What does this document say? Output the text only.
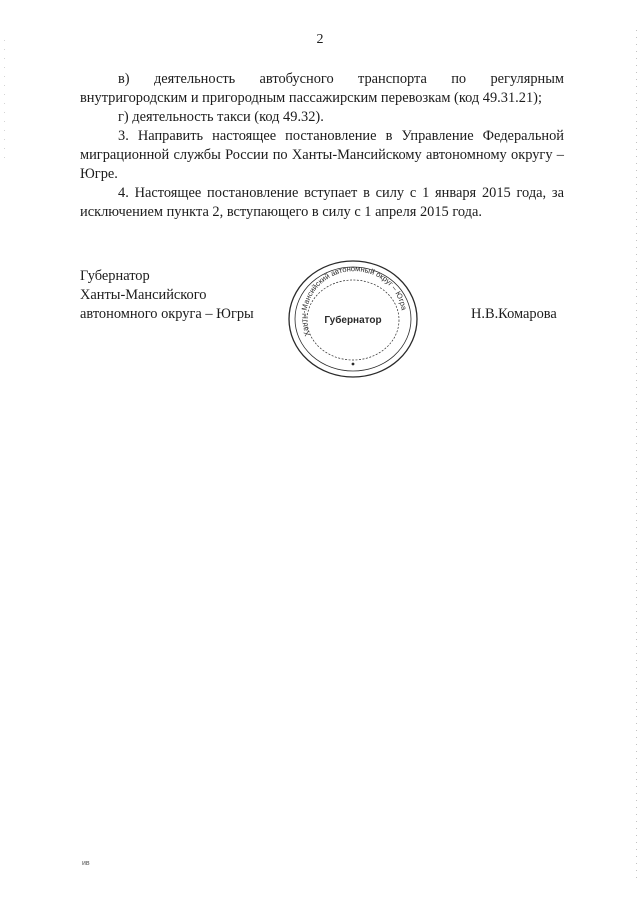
2

в) деятельность автобусного транспорта по регулярным внутригородским и пригородным пассажирским перевозкам (код 49.31.21);

г) деятельность такси (код 49.32).

3. Направить настоящее постановление в Управление Федеральной миграционной службы России по Ханты-Мансийскому автономному округу – Югре.

4. Настоящее постановление вступает в силу с 1 января 2015 года, за исключением пункта 2, вступающего в силу с 1 апреля 2015 года.

Губернатор
Ханты-Мансийского
автономного округа – Югры
Ханты-Мансийский автономный округ – Югра
Губернатор	Н.В.Комарова
ив
